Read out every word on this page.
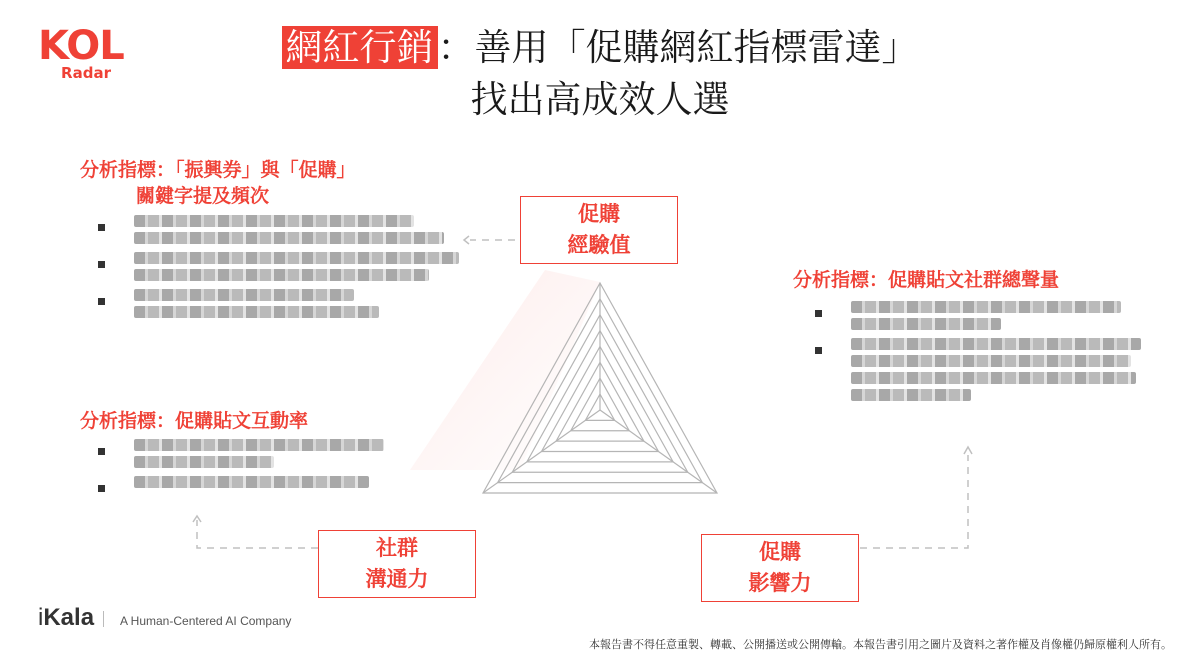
KOL
Radar
網紅行銷 ：善用「促購網紅指標雷達」
找出高成效人選
分析指標：「振興券」與「促購」
關鍵字提及頻次
分析指標：促購貼文社群總聲量
分析指標：促購貼文互動率
促購
經驗值
社群
溝通力
促購
影響力
iKala A Human-Centered AI Company
本報告書不得任意重製、轉載、公開播送或公開傳輸。本報告書引用之圖片及資料之著作權及肖像權仍歸原權利人所有。
